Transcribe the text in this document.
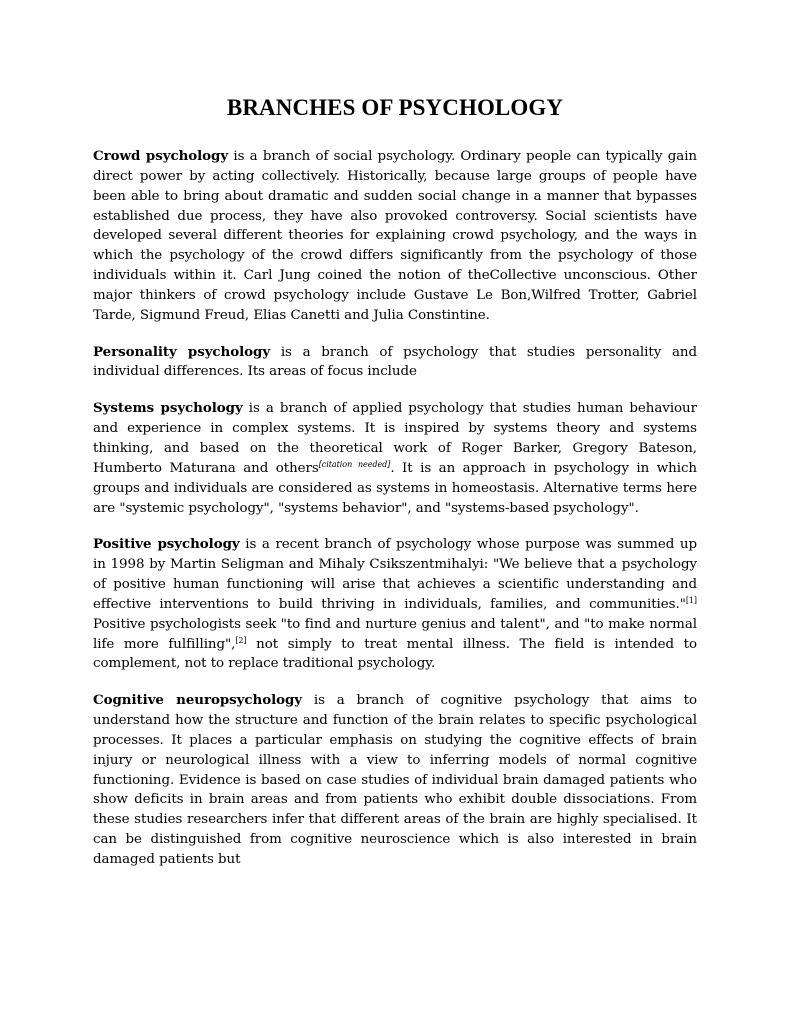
BRANCHES OF PSYCHOLOGY

Crowd psychology is a branch of social psychology. Ordinary people can typically gain direct power by acting collectively. Historically, because large groups of people have been able to bring about dramatic and sudden social change in a manner that bypasses established due process, they have also provoked controversy. Social scientists have developed several different theories for explaining crowd psychology, and the ways in which the psychology of the crowd differs significantly from the psychology of those individuals within it. Carl Jung coined the notion of theCollective unconscious. Other major thinkers of crowd psychology include Gustave Le Bon,Wilfred Trotter, Gabriel Tarde, Sigmund Freud, Elias Canetti and Julia Constintine.

Personality psychology is a branch of psychology that studies personality and individual differences. Its areas of focus include

Systems psychology is a branch of applied psychology that studies human behaviour and experience in complex systems. It is inspired by systems theory and systems thinking, and based on the theoretical work of Roger Barker, Gregory Bateson, Humberto Maturana and others[citation needed]. It is an approach in psychology in which groups and individuals are considered as systems in homeostasis. Alternative terms here are "systemic psychology", "systems behavior", and "systems-based psychology".

Positive psychology is a recent branch of psychology whose purpose was summed up in 1998 by Martin Seligman and Mihaly Csikszentmihalyi: "We believe that a psychology of positive human functioning will arise that achieves a scientific understanding and effective interventions to build thriving in individuals, families, and communities."[1] Positive psychologists seek "to find and nurture genius and talent", and "to make normal life more fulfilling",[2] not simply to treat mental illness. The field is intended to complement, not to replace traditional psychology.

Cognitive neuropsychology is a branch of cognitive psychology that aims to understand how the structure and function of the brain relates to specific psychological processes. It places a particular emphasis on studying the cognitive effects of brain injury or neurological illness with a view to inferring models of normal cognitive functioning. Evidence is based on case studies of individual brain damaged patients who show deficits in brain areas and from patients who exhibit double dissociations. From these studies researchers infer that different areas of the brain are highly specialised. It can be distinguished from cognitive neuroscience which is also interested in brain damaged patients but
